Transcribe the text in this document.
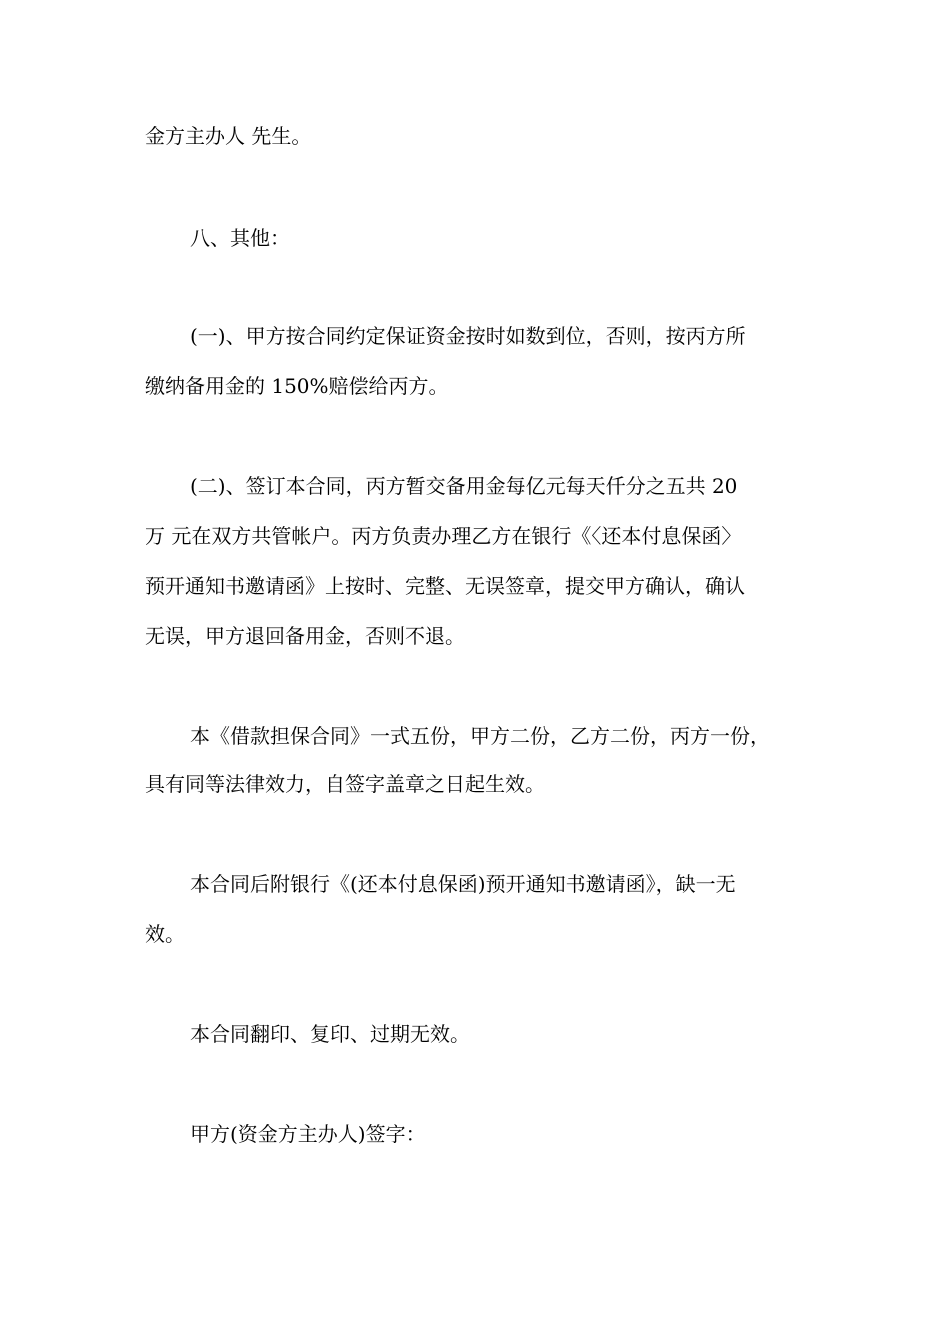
金方主办人 先生。
八、其他：
(一)、甲方按合同约定保证资金按时如数到位，否则，按丙方所
缴纳备用金的 150%赔偿给丙方。
(二)、签订本合同，丙方暂交备用金每亿元每天仟分之五共 20
万 元在双方共管帐户。丙方负责办理乙方在银行《〈还本付息保函〉
预开通知书邀请函》上按时、完整、无误签章，提交甲方确认，确认
无误，甲方退回备用金，否则不退。
本《借款担保合同》一式五份，甲方二份，乙方二份，丙方一份，
具有同等法律效力，自签字盖章之日起生效。
本合同后附银行《(还本付息保函)预开通知书邀请函》，缺一无
效。
本合同翻印、复印、过期无效。
甲方(资金方主办人)签字：
